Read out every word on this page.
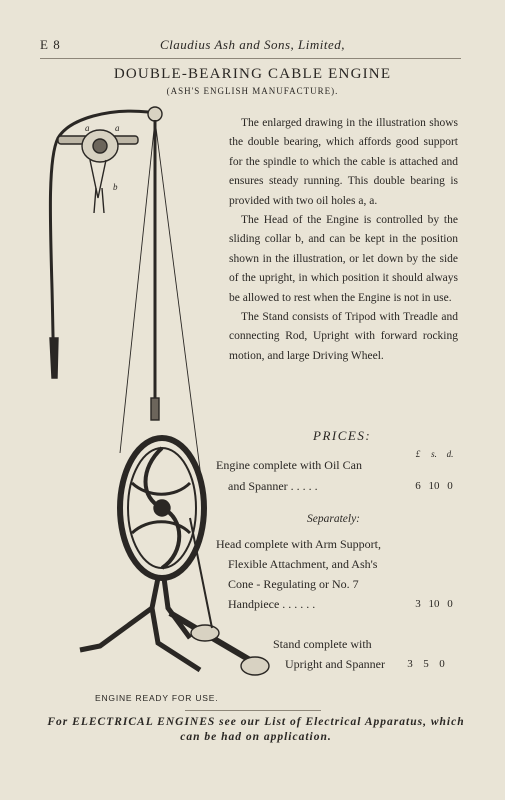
E 8	Claudius Ash and Sons, Limited,
DOUBLE-BEARING CABLE ENGINE
(ASH'S ENGLISH MANUFACTURE).
a	a
b

The enlarged drawing in the illustration shows the double bearing, which affords good support for the spindle to which the cable is attached and ensures steady running. This double bearing is provided with two oil holes a, a.

The Head of the Engine is controlled by the sliding collar b, and can be kept in the position shown in the illustration, or let down by the side of the upright, in which position it should always be allowed to rest when the Engine is not in use.

The Stand consists of Tripod with Treadle and connecting Rod, Upright with forward rocking motion, and large Driving Wheel.

PRICES:
£ s. d.
Engine complete with Oil Can
and Spanner . . . . .	6 10 0
Separately:
Head complete with Arm Support,
Flexible Attachment, and Ash's
Cone - Regulating or No. 7
Handpiece . . . . . .	3 10 0
Stand complete with
Upright and Spanner	3 5 0
ENGINE READY FOR USE.
For ELECTRICAL ENGINES see our List of Electrical Apparatus, which can be had on application.
